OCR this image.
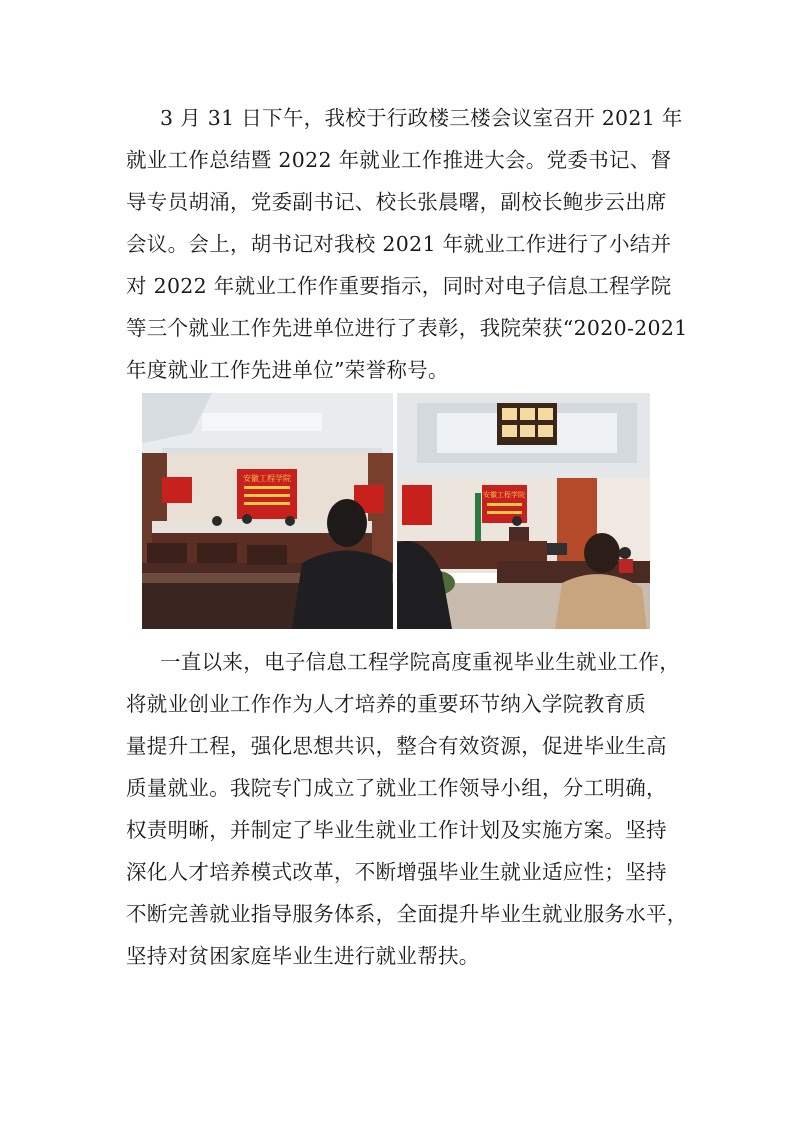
3 月 31 日下午，我校于行政楼三楼会议室召开 2021 年
就业工作总结暨 2022 年就业工作推进大会。党委书记、督
导专员胡涌，党委副书记、校长张晨曙，副校长鲍步云出席
会议。会上，胡书记对我校 2021 年就业工作进行了小结并
对 2022 年就业工作作重要指示，同时对电子信息工程学院
等三个就业工作先进单位进行了表彰，我院荣获“2020-2021
年度就业工作先进单位”荣誉称号。
安徽工程学院
安徽工程学院
一直以来，电子信息工程学院高度重视毕业生就业工作，
将就业创业工作作为人才培养的重要环节纳入学院教育质
量提升工程，强化思想共识，整合有效资源，促进毕业生高
质量就业。我院专门成立了就业工作领导小组，分工明确，
权责明晰，并制定了毕业生就业工作计划及实施方案。坚持
深化人才培养模式改革，不断增强毕业生就业适应性；坚持
不断完善就业指导服务体系，全面提升毕业生就业服务水平，
坚持对贫困家庭毕业生进行就业帮扶。
